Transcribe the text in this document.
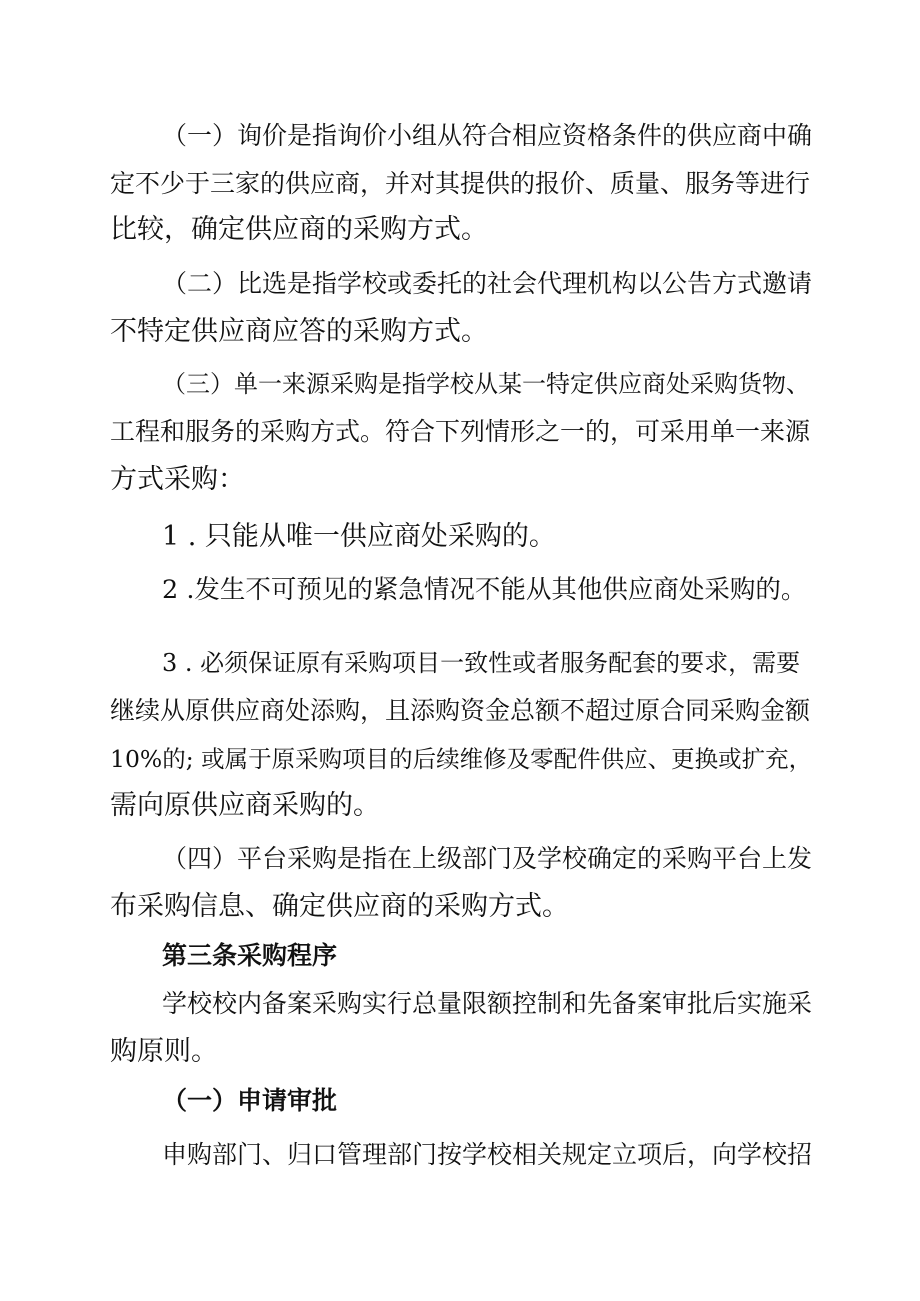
（一）询价是指询价小组从符合相应资格条件的供应商中确
定不少于三家的供应商，并对其提供的报价、质量、服务等进行
比较，确定供应商的采购方式。
（二）比选是指学校或委托的社会代理机构以公告方式邀请
不特定供应商应答的采购方式。
（三）单一来源采购是指学校从某一特定供应商处采购货物、
工程和服务的采购方式。符合下列情形之一的，可采用单一来源
方式采购：
1 . 只能从唯一供应商处采购的。
2 .发生不可预见的紧急情况不能从其他供应商处采购的。
3 . 必须保证原有采购项目一致性或者服务配套的要求，需要
继续从原供应商处添购，且添购资金总额不超过原合同采购金额
10%的; 或属于原采购项目的后续维修及零配件供应、更换或扩充，
需向原供应商采购的。
（四）平台采购是指在上级部门及学校确定的采购平台上发
布采购信息、确定供应商的采购方式。
第三条采购程序
学校校内备案采购实行总量限额控制和先备案审批后实施采
购原则。
（一）申请审批
申购部门、归口管理部门按学校相关规定立项后，向学校招
